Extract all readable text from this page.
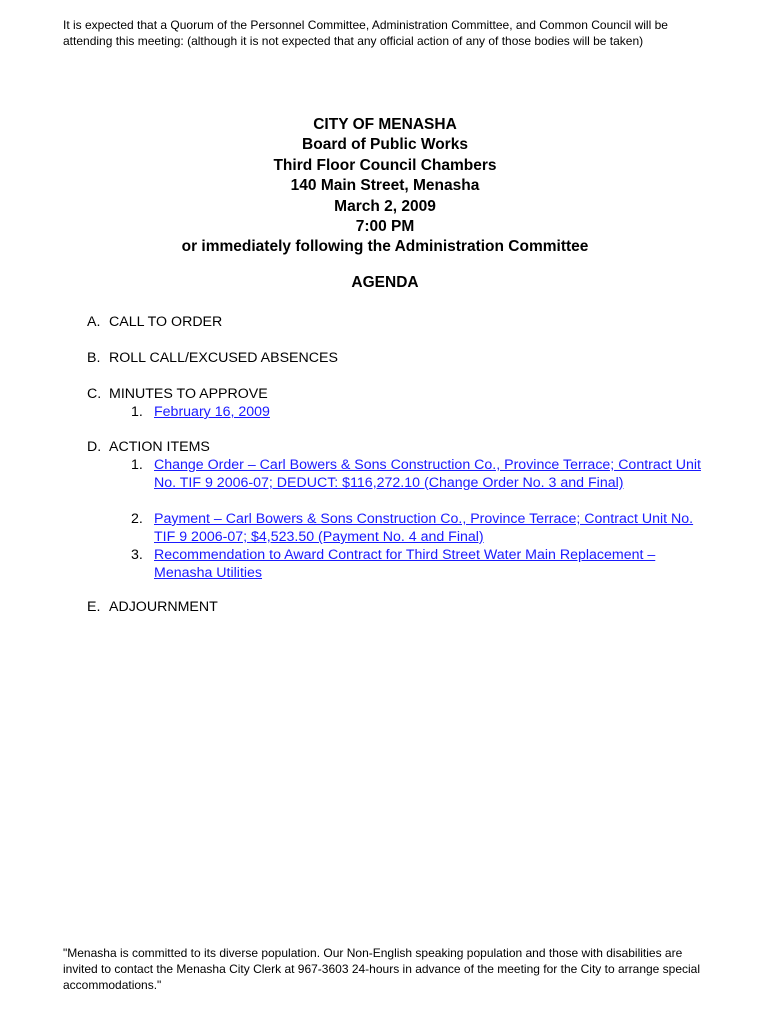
It is expected that a Quorum of the Personnel Committee, Administration Committee, and Common Council will be attending this meeting: (although it is not expected that any official action of any of those bodies will be taken)
CITY OF MENASHA
Board of Public Works
Third Floor Council Chambers
140 Main Street, Menasha
March 2, 2009
7:00 PM
or immediately following the Administration Committee
AGENDA
A. CALL TO ORDER
B. ROLL CALL/EXCUSED ABSENCES
C. MINUTES TO APPROVE
1. February 16, 2009
D. ACTION ITEMS
1. Change Order – Carl Bowers & Sons Construction Co., Province Terrace; Contract Unit No. TIF 9 2006-07; DEDUCT: $116,272.10 (Change Order No. 3 and Final)
2. Payment – Carl Bowers & Sons Construction Co., Province Terrace; Contract Unit No. TIF 9 2006-07; $4,523.50 (Payment No. 4 and Final)
3. Recommendation to Award Contract for Third Street Water Main Replacement – Menasha Utilities
E. ADJOURNMENT
"Menasha is committed to its diverse population. Our Non-English speaking population and those with disabilities are invited to contact the Menasha City Clerk at 967-3603 24-hours in advance of the meeting for the City to arrange special accommodations."
